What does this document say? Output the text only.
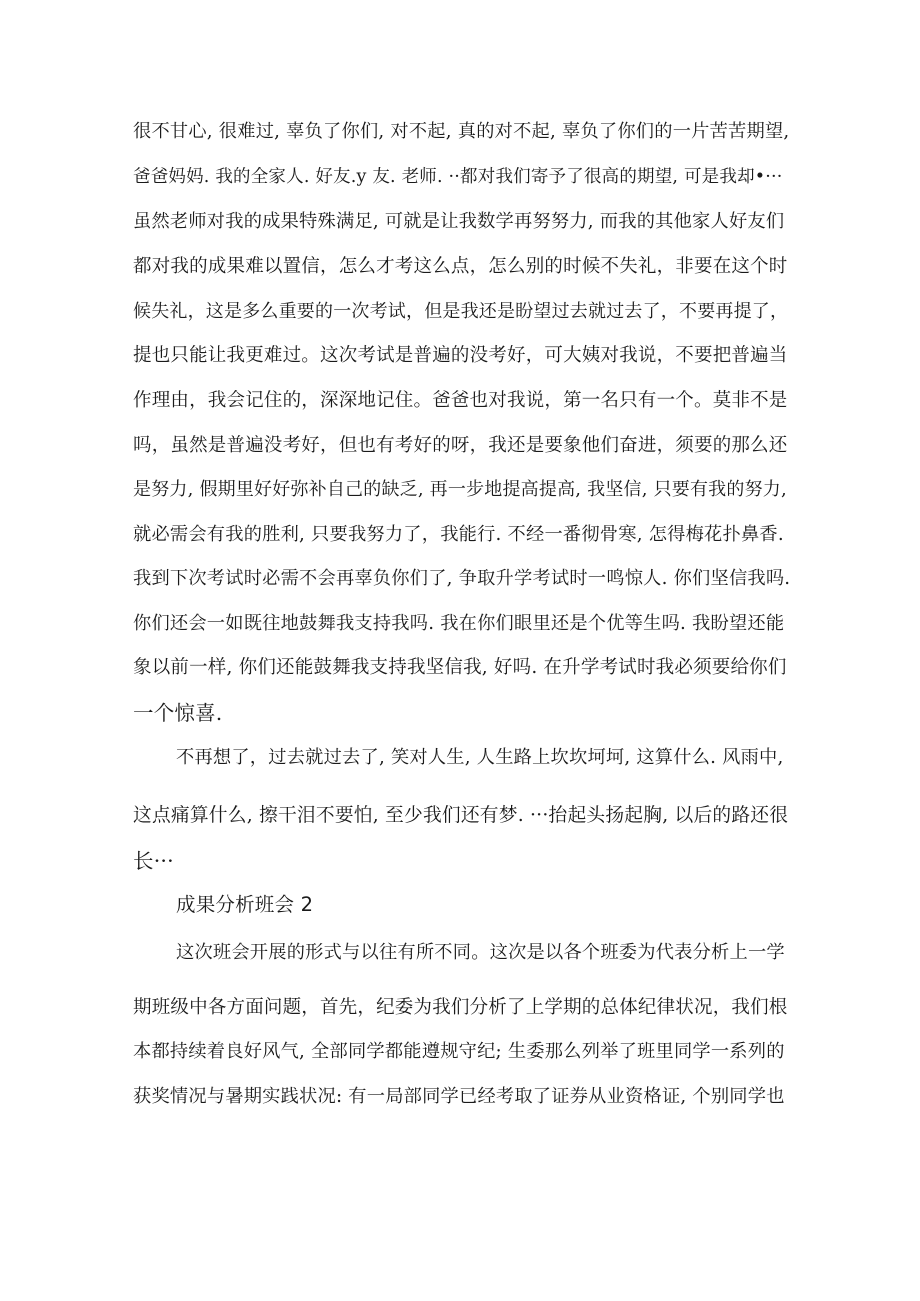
很不甘心, 很难过, 辜负了你们, 对不起, 真的对不起, 辜负了你们的一片苦苦期望,

爸爸妈妈. 我的全家人. 好友.y 友. 老师. ··都对我们寄予了很高的期望, 可是我却•···

虽然老师对我的成果特殊满足, 可就是让我数学再努努力, 而我的其他家人好友们

都对我的成果难以置信，怎么才考这么点，怎么别的时候不失礼，非要在这个时

候失礼，这是多么重要的一次考试，但是我还是盼望过去就过去了，不要再提了，

提也只能让我更难过。这次考试是普遍的没考好，可大姨对我说，不要把普遍当

作理由，我会记住的，深深地记住。爸爸也对我说，第一名只有一个。莫非不是

吗，虽然是普遍没考好，但也有考好的呀，我还是要象他们奋进，须要的那么还

是努力, 假期里好好弥补自己的缺乏, 再一步地提高提高, 我坚信, 只要有我的努力,

就必需会有我的胜利, 只要我努力了，我能行. 不经一番彻骨寒, 怎得梅花扑鼻香.

我到下次考试时必需不会再辜负你们了, 争取升学考试时一鸣惊人. 你们坚信我吗.

你们还会一如既往地鼓舞我支持我吗. 我在你们眼里还是个优等生吗. 我盼望还能

象以前一样, 你们还能鼓舞我支持我坚信我, 好吗. 在升学考试时我必须要给你们

一个惊喜.

不再想了，过去就过去了, 笑对人生, 人生路上坎坎坷坷, 这算什么. 风雨中,

这点痛算什么, 擦干泪不要怕, 至少我们还有梦. ···抬起头扬起胸, 以后的路还很

长···

成果分析班会 2

这次班会开展的形式与以往有所不同。这次是以各个班委为代表分析上一学

期班级中各方面问题，首先，纪委为我们分析了上学期的总体纪律状况，我们根

本都持续着良好风气, 全部同学都能遵规守纪; 生委那么列举了班里同学一系列的

获奖情况与暑期实践状况: 有一局部同学已经考取了证券从业资格证, 个别同学也
